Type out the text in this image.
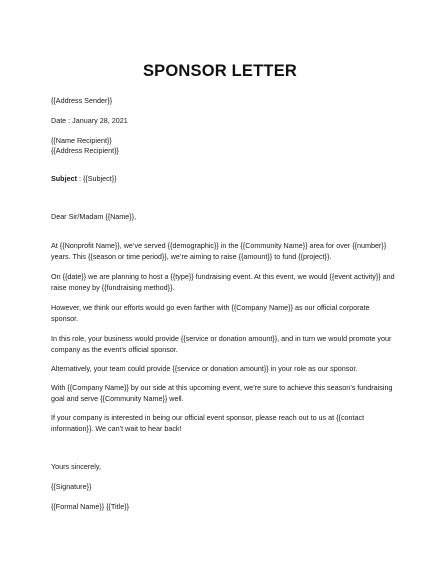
SPONSOR LETTER
{{Address Sender}}
Date : January 28, 2021
{{Name Recipient}}
{{Address Recipient}}
Subject : {{Subject}}
Dear Sir/Madam {{Name}},
At {{Nonprofit Name}}, we’ve served {{demographic}} in the {{Community Name}} area for over {{number}} years. This {{season or time period}}, we’re aiming to raise {{amount}} to fund {{project}}.
On {{date}} we are planning to host a {{type}} fundraising event. At this event, we would {{event activity}} and raise money by {{fundraising method}}.
However, we think our efforts would go even farther with {{Company Name}} as our official corporate sponsor.
In this role, your business would provide {{service or donation amount}}, and in turn we would promote your company as the event’s official sponsor.
Alternatively, your team could provide {{service or donation amount}} in your role as our sponsor.
With {{Company Name}} by our side at this upcoming event, we’re sure to achieve this season’s fundraising goal and serve {{Community Name}} well.
If your company is interested in being our official event sponsor, please reach out to us at {{contact information}}. We can’t wait to hear back!
Yours sincerely,
{{Signature}}
{{Formal Name}} {{Title}}
